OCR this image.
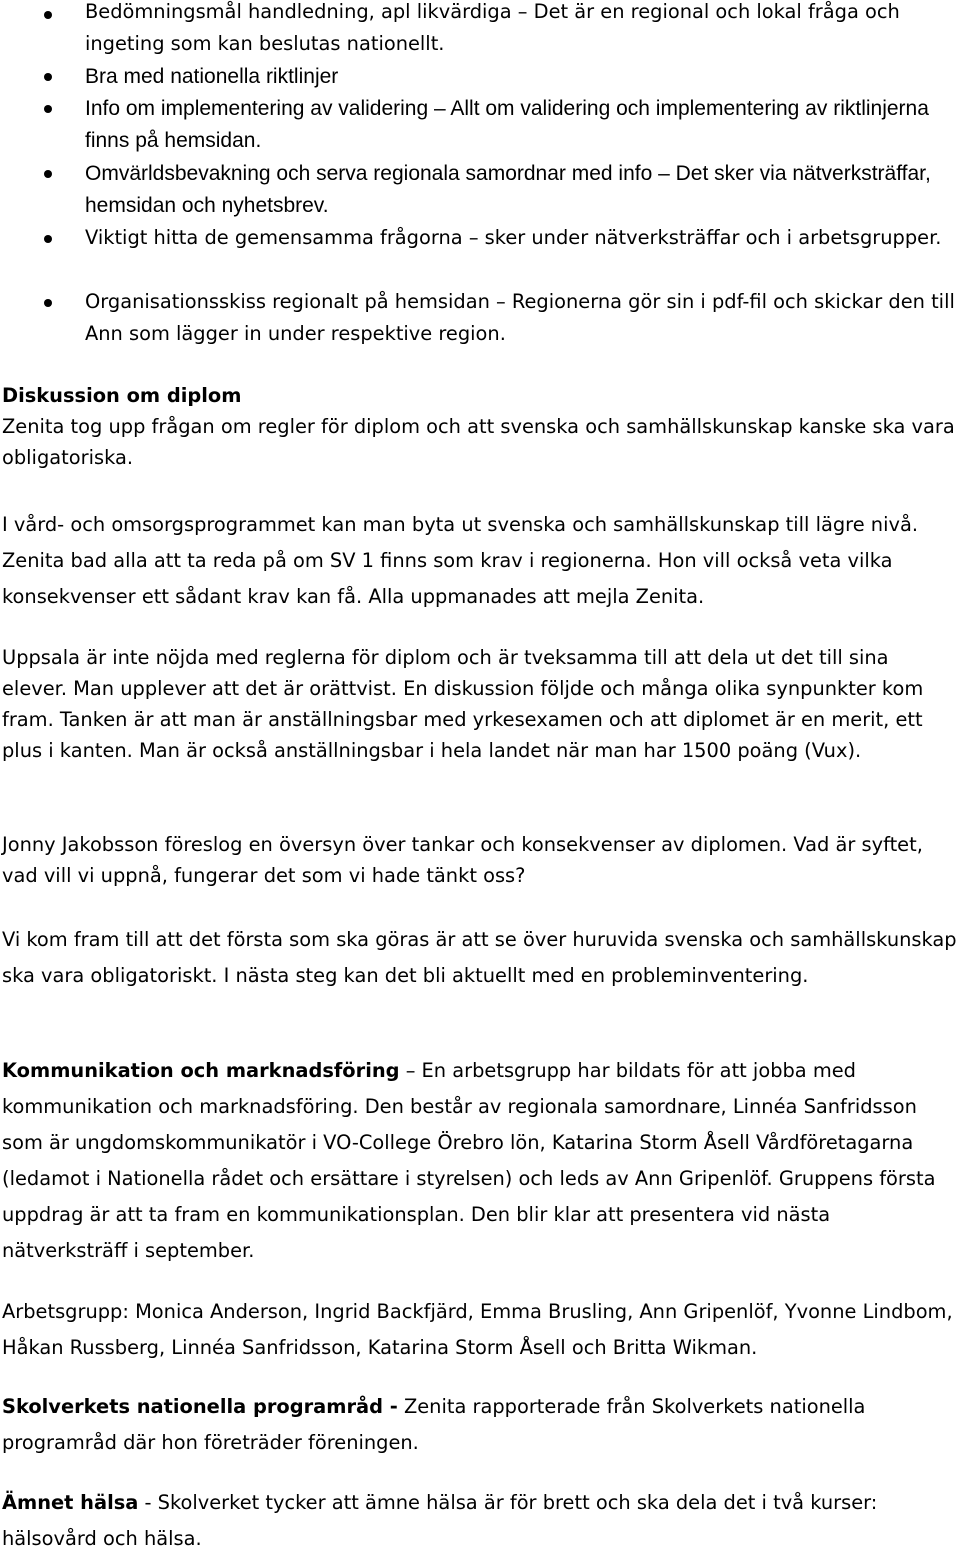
Bedömningsmål handledning, apl likvärdiga – Det är en regional och lokal fråga och ingeting som kan beslutas nationellt.
Bra med nationella riktlinjer
Info om implementering av validering – Allt om validering och implementering av riktlinjerna finns på hemsidan.
Omvärldsbevakning och serva regionala samordnar med info – Det sker via nätverksträffar, hemsidan och nyhetsbrev.
Viktigt hitta de gemensamma frågorna – sker under nätverksträffar och i arbetsgrupper.
Organisationsskiss regionalt på hemsidan – Regionerna gör sin i pdf-fil och skickar den till Ann som lägger in under respektive region.
Diskussion om diplom
Zenita tog upp frågan om regler för diplom och att svenska och samhällskunskap kanske ska vara obligatoriska.
I vård- och omsorgsprogrammet kan man byta ut svenska och samhällskunskap till lägre nivå. Zenita bad alla att ta reda på om SV 1 finns som krav i regionerna. Hon vill också veta vilka konsekvenser ett sådant krav kan få. Alla uppmanades att mejla Zenita.
Uppsala är inte nöjda med reglerna för diplom och är tveksamma till att dela ut det till sina elever. Man upplever att det är orättvist. En diskussion följde och många olika synpunkter kom fram. Tanken är att man är anställningsbar med yrkesexamen och att diplomet är en merit, ett plus i kanten. Man är också anställningsbar i hela landet när man har 1500 poäng (Vux).
Jonny Jakobsson föreslog en översyn över tankar och konsekvenser av diplomen. Vad är syftet, vad vill vi uppnå, fungerar det som vi hade tänkt oss?
Vi kom fram till att det första som ska göras är att se över huruvida svenska och samhällskunskap ska vara obligatoriskt. I nästa steg kan det bli aktuellt med en probleminventering.
Kommunikation och marknadsföring – En arbetsgrupp har bildats för att jobba med kommunikation och marknadsföring. Den består av regionala samordnare, Linnéa Sanfridsson som är ungdomskommunikatör i VO-College Örebro lön, Katarina Storm Åsell Vårdföretagarna (ledamot i Nationella rådet och ersättare i styrelsen) och leds av Ann Gripenlöf. Gruppens första uppdrag är att ta fram en kommunikationsplan. Den blir klar att presentera vid nästa nätverksträff i september.
Arbetsgrupp: Monica Anderson, Ingrid Backfjärd, Emma Brusling, Ann Gripenlöf, Yvonne Lindbom, Håkan Russberg, Linnéa Sanfridsson, Katarina Storm Åsell och Britta Wikman.
Skolverkets nationella programråd - Zenita rapporterade från Skolverkets nationella programråd där hon företräder föreningen.
Ämnet hälsa - Skolverket tycker att ämne hälsa är för brett och ska dela det i två kurser: hälsovård och hälsa.
